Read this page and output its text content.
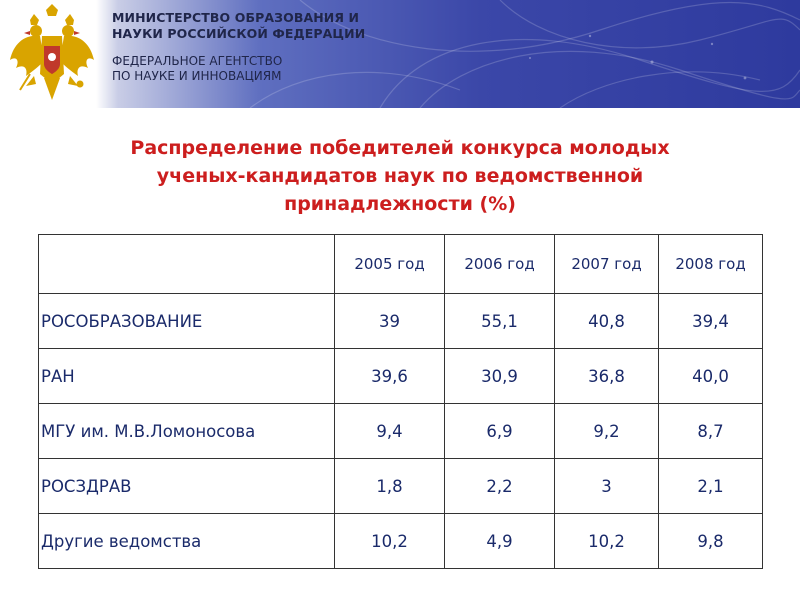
МИНИСТЕРСТВО ОБРАЗОВАНИЯ И
НАУКИ РОССИЙСКОЙ ФЕДЕРАЦИИ
ФЕДЕРАЛЬНОЕ АГЕНТСТВО
ПО НАУКЕ И ИННОВАЦИЯМ
Распределение победителей конкурса молодых
ученых-кандидатов наук по ведомственной
принадлежности (%)
	2005 год	2006 год	2007 год	2008 год
РОСОБРАЗОВАНИЕ	39	55,1	40,8	39,4
РАН	39,6	30,9	36,8	40,0
МГУ им. М.В.Ломоносова	9,4	6,9	9,2	8,7
РОСЗДРАВ	1,8	2,2	3	2,1
Другие ведомства	10,2	4,9	10,2	9,8
